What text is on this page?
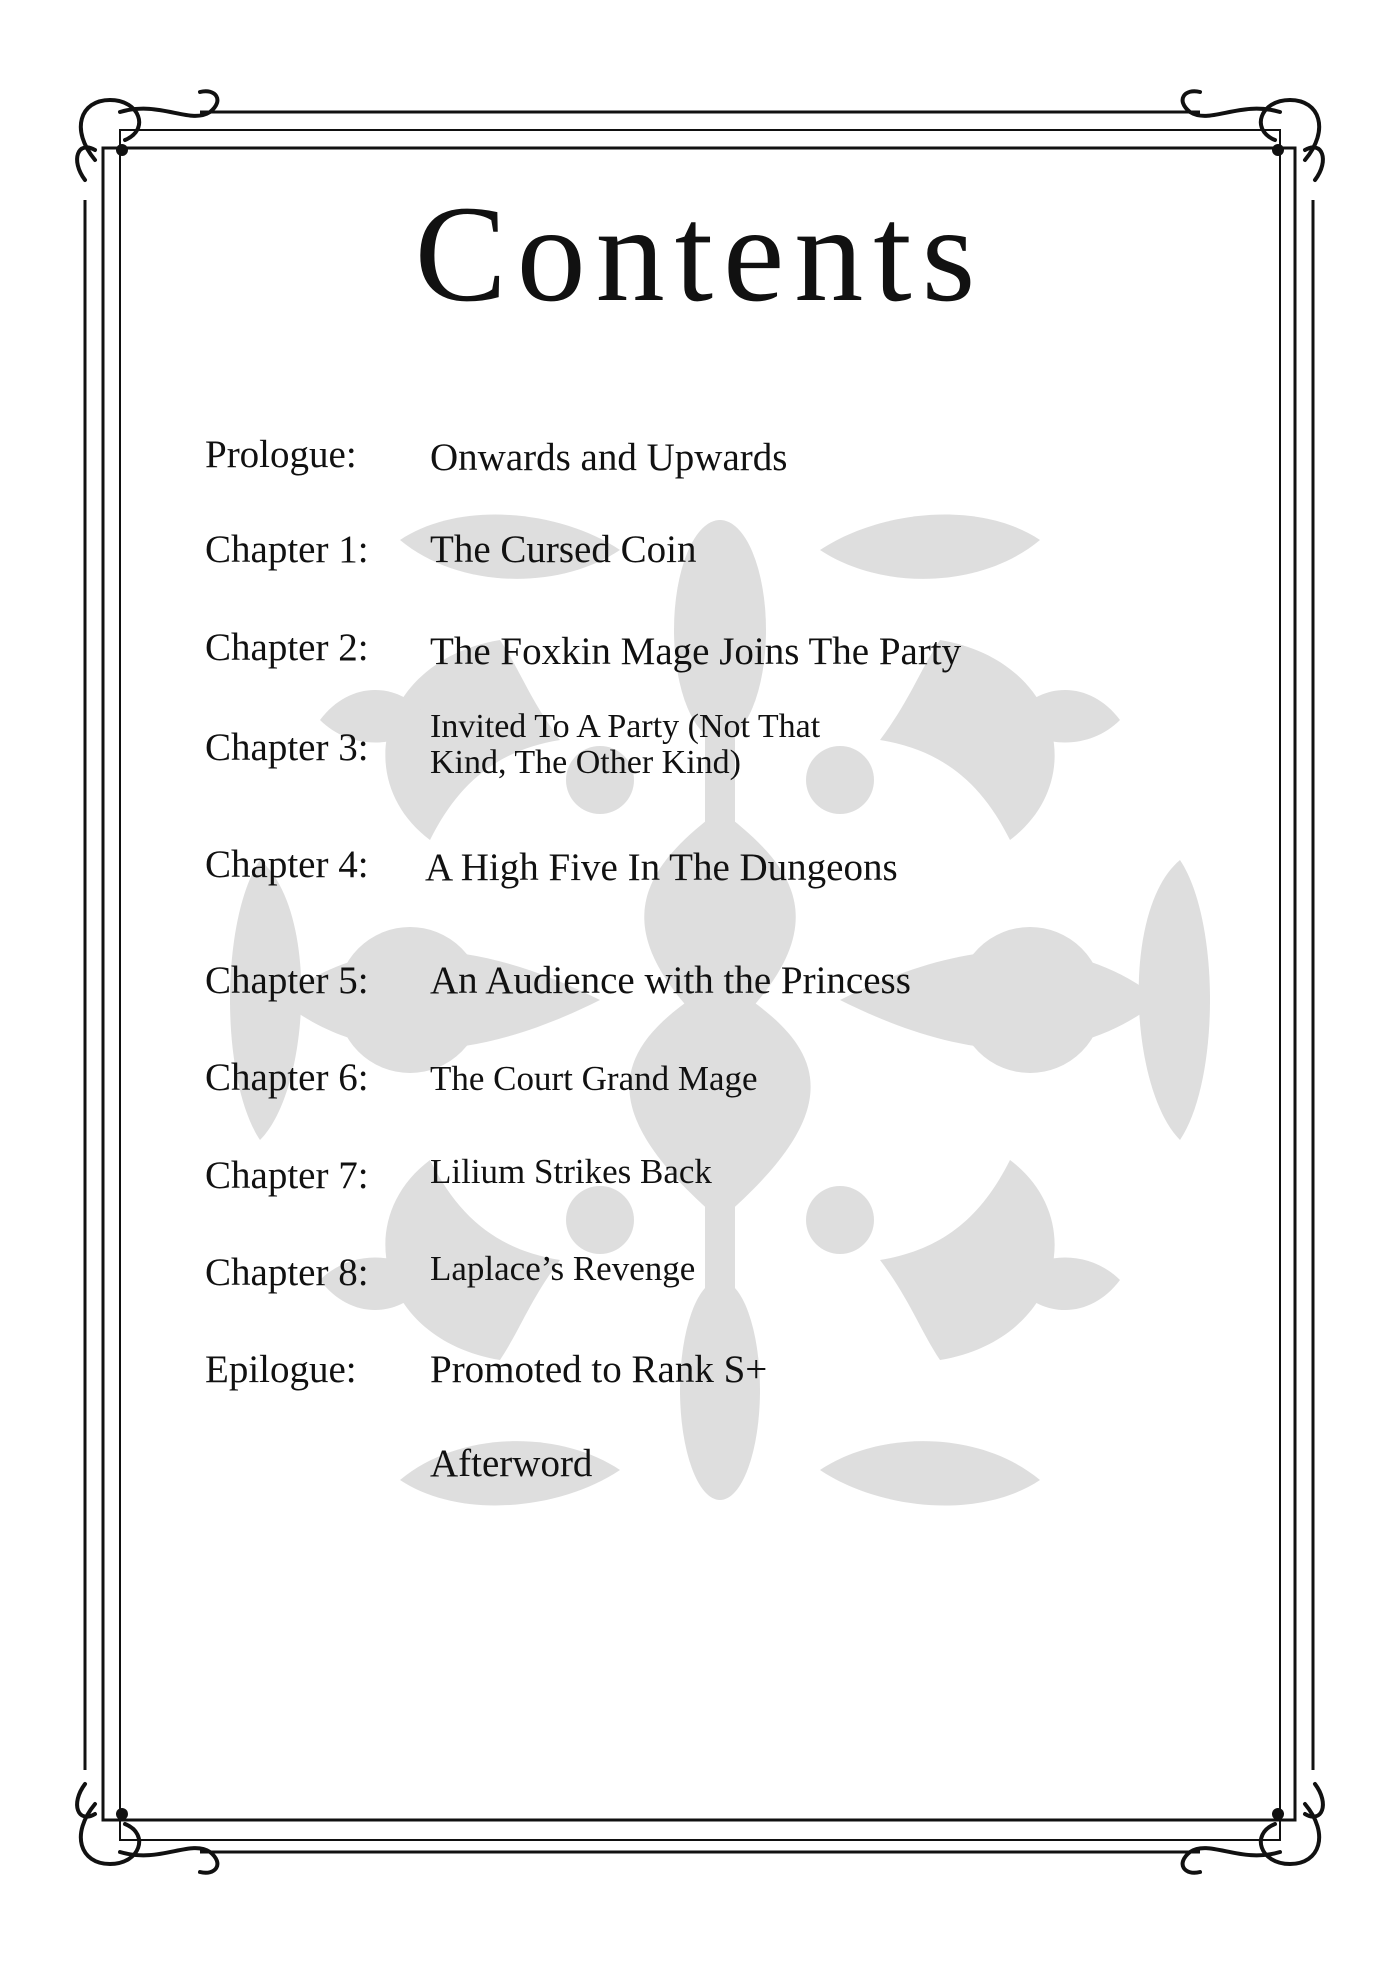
Contents
Prologue: Onwards and Upwards
Chapter 1: The Cursed Coin
Chapter 2: The Foxkin Mage Joins The Party
Chapter 3: Invited To A Party (Not That
Kind, The Other Kind)
Chapter 4: A High Five In The Dungeons
Chapter 5: An Audience with the Princess
Chapter 6: The Court Grand Mage
Chapter 7: Lilium Strikes Back
Chapter 8: Laplace’s Revenge
Epilogue: Promoted to Rank S+
Afterword
